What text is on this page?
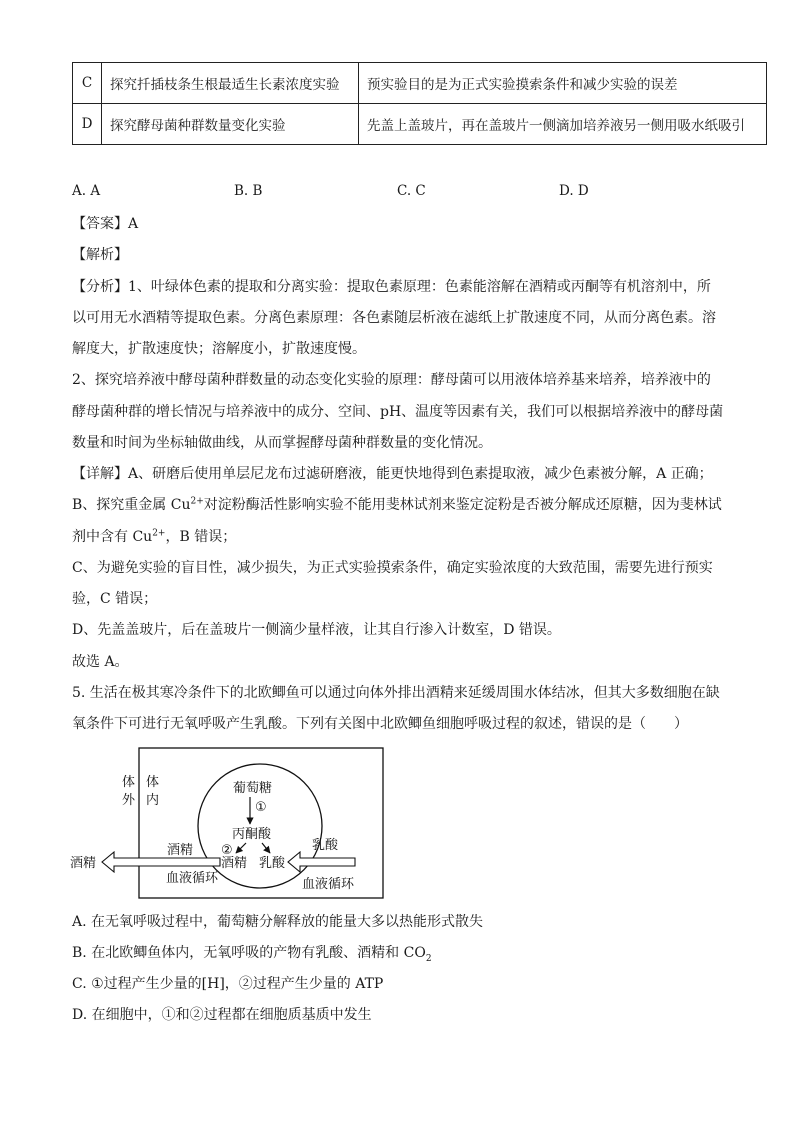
C	探究扦插枝条生根最适生长素浓度实验	预实验目的是为正式实验摸索条件和减少实验的误差
D	探究酵母菌种群数量变化实验	先盖上盖玻片，再在盖玻片一侧滴加培养液另一侧用吸水纸吸引
A. A	B. B	C. C	D. D
【答案】A
【解析】
【分析】1、叶绿体色素的提取和分离实验：提取色素原理：色素能溶解在酒精或丙酮等有机溶剂中，所
以可用无水酒精等提取色素。分离色素原理：各色素随层析液在滤纸上扩散速度不同，从而分离色素。溶
解度大，扩散速度快；溶解度小，扩散速度慢。
2、探究培养液中酵母菌种群数量的动态变化实验的原理：酵母菌可以用液体培养基来培养，培养液中的
酵母菌种群的增长情况与培养液中的成分、空间、pH、温度等因素有关，我们可以根据培养液中的酵母菌
数量和时间为坐标轴做曲线，从而掌握酵母菌种群数量的变化情况。
【详解】A、研磨后使用单层尼龙布过滤研磨液，能更快地得到色素提取液，减少色素被分解，A 正确；
B、探究重金属 $Cu^{2+}$对淀粉酶活性影响实验不能用斐林试剂来鉴定淀粉是否被分解成还原糖，因为斐林试
剂中含有 $Cu^{2+}$，B 错误；
C、为避免实验的盲目性，减少损失，为正式实验摸索条件，确定实验浓度的大致范围，需要先进行预实
验，C 错误；
D、先盖盖玻片，后在盖玻片一侧滴少量样液，让其自行渗入计数室，D 错误。
故选 A。
5. 生活在极其寒冷条件下的北欧鲫鱼可以通过向体外排出酒精来延缓周围水体结冰，但其大多数细胞在缺
氧条件下可进行无氧呼吸产生乳酸。下列有关图中北欧鲫鱼细胞呼吸过程的叙述，错误的是（　　）
体
外
体
内
葡萄糖
①
丙酮酸
②
酒精 乳酸
酒精
血液循环
酒精
乳酸
血液循环
A. 在无氧呼吸过程中，葡萄糖分解释放的能量大多以热能形式散失
B. 在北欧鲫鱼体内，无氧呼吸的产物有乳酸、酒精和 $CO_2$
C. ①过程产生少量的[H]，②过程产生少量的 ATP
D. 在细胞中，①和②过程都在细胞质基质中发生
